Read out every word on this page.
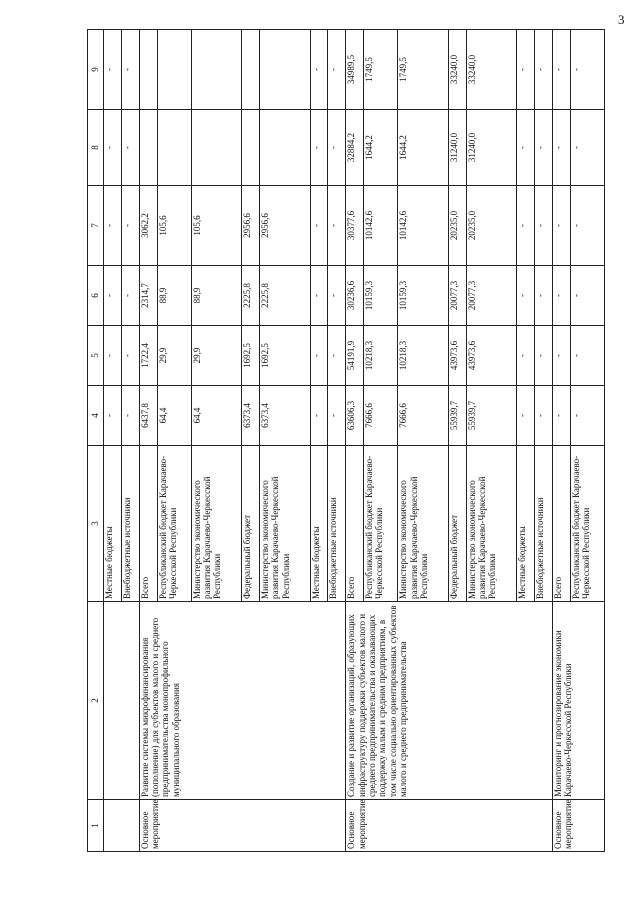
3
1	2	3	4	5	6	7	8	9
		Местные бюджеты	-	-	-	-	-	-
		Внебюджетные источники	-	-	-	-	-	-
Основное мероприятие	Развитие системы микрофинансирования (пополнение) для субъектов малого и среднего предпринимательства монопрофильного муниципального образования	Всего	6437,8	1722,4	2314,7	3062,2		
		Республиканский бюджет Карачаево-Черкесской Республики	64,4	29,9	88,9	105,6		
		Министерство экономического развития Карачаево-Черкесской Республики	64,4	29,9	88,9	105,6		
		Федеральный бюджет	6373,4	1692,5	2225,8	2956,6		
		Министерство экономического развития Карачаево-Черкесской Республики	6373,4	1692,5	2225,8	2956,6		
		Местные бюджеты	-	-	-	-	-	-
		Внебюджетные источники	-	-	-	-	-	-
Основное мероприятие	Создание и развитие организаций, образующих инфраструктуру поддержки субъектов малого и среднего предпринимательства и оказывающих поддержку малым и средним предприятиям, в том числе социально ориентированных субъектов малого и среднего предпринимательства	Всего	63606,3	54191,9	30236,6	30377,6	32884,2	34989,5
		Республиканский бюджет Карачаево-Черкесской Республики	7666,6	10218,3	10159,3	10142,6	1644,2	1749,5
		Министерство экономического развития Карачаево-Черкесской Республики	7666,6	10218,3	10159,3	10142,6	1644,2	1749,5
		Федеральный бюджет	55939,7	43973,6	20077,3	20235,0	31240,0	33240,0
		Министерство экономического развития Карачаево-Черкесской Республики	55939,7	43973,6	20077,3	20235,0	31240,0	33240,0
		Местные бюджеты	-	-	-	-	-	-
		Внебюджетные источники	-	-	-	-	-	-
Основное мероприятие	Мониторинг и прогнозирование экономики Карачаево-Черкесской Республики	Всего	-	-	-	-	-	-
		Республиканский бюджет Карачаево-Черкесской Республики	-	-	-	-	-	-
